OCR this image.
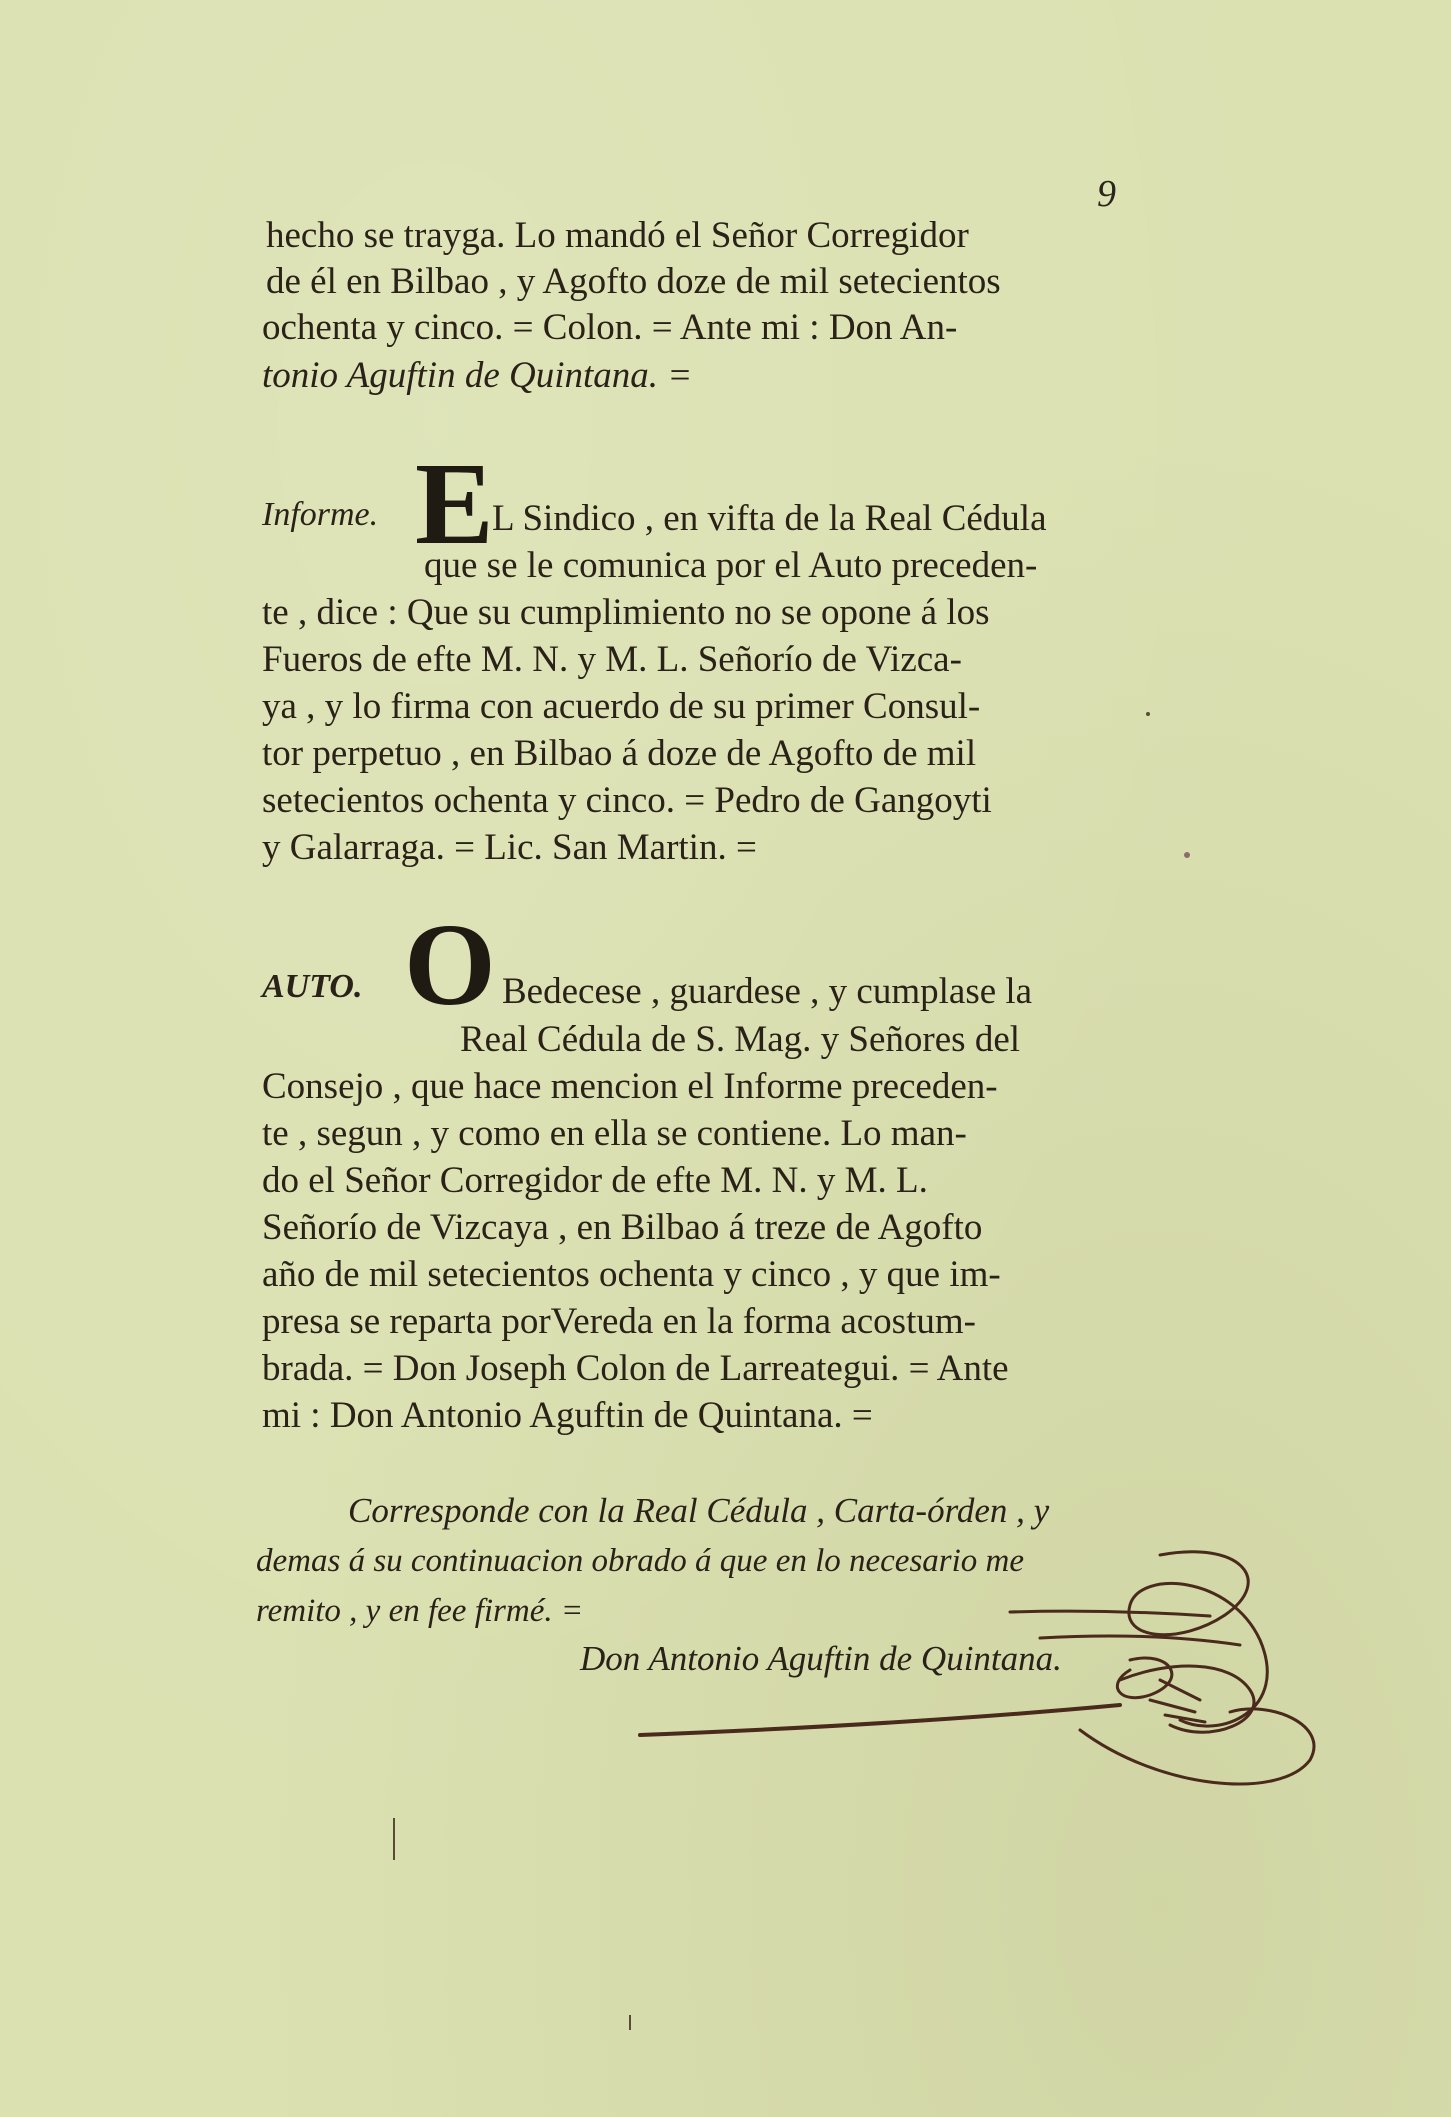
9
hecho se trayga. Lo mandó el Señor Corregidor
de él en Bilbao , y Agofto doze de mil setecientos
ochenta y cinco. = Colon. = Ante mi : Don An-
tonio Aguftin de Quintana. =
Informe. E
L Sindico , en vifta de la Real Cédula
que se le comunica por el Auto preceden-
te , dice : Que su cumplimiento no se opone á los
Fueros de efte M. N. y M. L. Señorío de Vizca-
ya , y lo firma con acuerdo de su primer Consul-
tor perpetuo , en Bilbao á doze de Agofto de mil
setecientos ochenta y cinco. = Pedro de Gangoyti
y Galarraga. = Lic. San Martin. =
AUTO. O Bedecese , guardese , y cumplase la
Real Cédula de S. Mag. y Señores del
Consejo , que hace mencion el Informe preceden-
te , segun , y como en ella se contiene. Lo man-
do el Señor Corregidor de efte M. N. y M. L.
Señorío de Vizcaya , en Bilbao á treze de Agofto
año de mil setecientos ochenta y cinco , y que im-
presa se reparta porVereda en la forma acostum-
brada. = Don Joseph Colon de Larreategui. = Ante
mi : Don Antonio Aguftin de Quintana. =
Corresponde con la Real Cédula , Carta-órden , y
demas á su continuacion obrado á que en lo necesario me
remito , y en fee firmé. =
Don Antonio Aguftin de Quintana.
